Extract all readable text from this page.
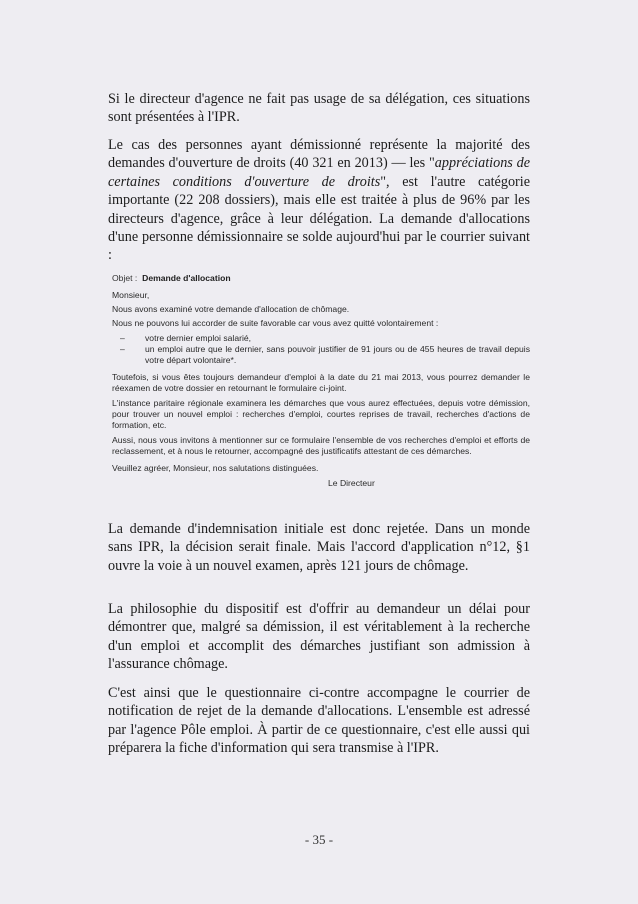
Si le directeur d'agence ne fait pas usage de sa délégation, ces situations sont présentées à l'IPR.

Le cas des personnes ayant démissionné représente la majorité des demandes d'ouverture de droits (40 321 en 2013) — les "appréciations de certaines conditions d'ouverture de droits", est l'autre catégorie importante (22 208 dossiers), mais elle est traitée à plus de 96% par les directeurs d'agence, grâce à leur délégation. La demande d'allocations d'une personne démissionnaire se solde aujourd'hui par le courrier suivant :

Objet : Demande d'allocation

Monsieur,

Nous avons examiné votre demande d'allocation de chômage.

Nous ne pouvons lui accorder de suite favorable car vous avez quitté volontairement :

– votre dernier emploi salarié,
– un emploi autre que le dernier, sans pouvoir justifier de 91 jours ou de 455 heures de travail depuis votre départ volontaire*.

Toutefois, si vous êtes toujours demandeur d'emploi à la date du 21 mai 2013, vous pourrez demander le réexamen de votre dossier en retournant le formulaire ci-joint.

L'instance paritaire régionale examinera les démarches que vous aurez effectuées, depuis votre démission, pour trouver un nouvel emploi : recherches d'emploi, courtes reprises de travail, recherches d'actions de formation, etc.

Aussi, nous vous invitons à mentionner sur ce formulaire l'ensemble de vos recherches d'emploi et efforts de reclassement, et à nous le retourner, accompagné des justificatifs attestant de ces démarches.

Veuillez agréer, Monsieur, nos salutations distinguées.

Le Directeur

La demande d'indemnisation initiale est donc rejetée. Dans un monde sans IPR, la décision serait finale. Mais l'accord d'application n°12, §1 ouvre la voie à un nouvel examen, après 121 jours de chômage.

La philosophie du dispositif est d'offrir au demandeur un délai pour démontrer que, malgré sa démission, il est véritablement à la recherche d'un emploi et accomplit des démarches justifiant son admission à l'assurance chômage.

C'est ainsi que le questionnaire ci-contre accompagne le courrier de notification de rejet de la demande d'allocations. L'ensemble est adressé par l'agence Pôle emploi. À partir de ce questionnaire, c'est elle aussi qui préparera la fiche d'information qui sera transmise à l'IPR.

- 35 -
